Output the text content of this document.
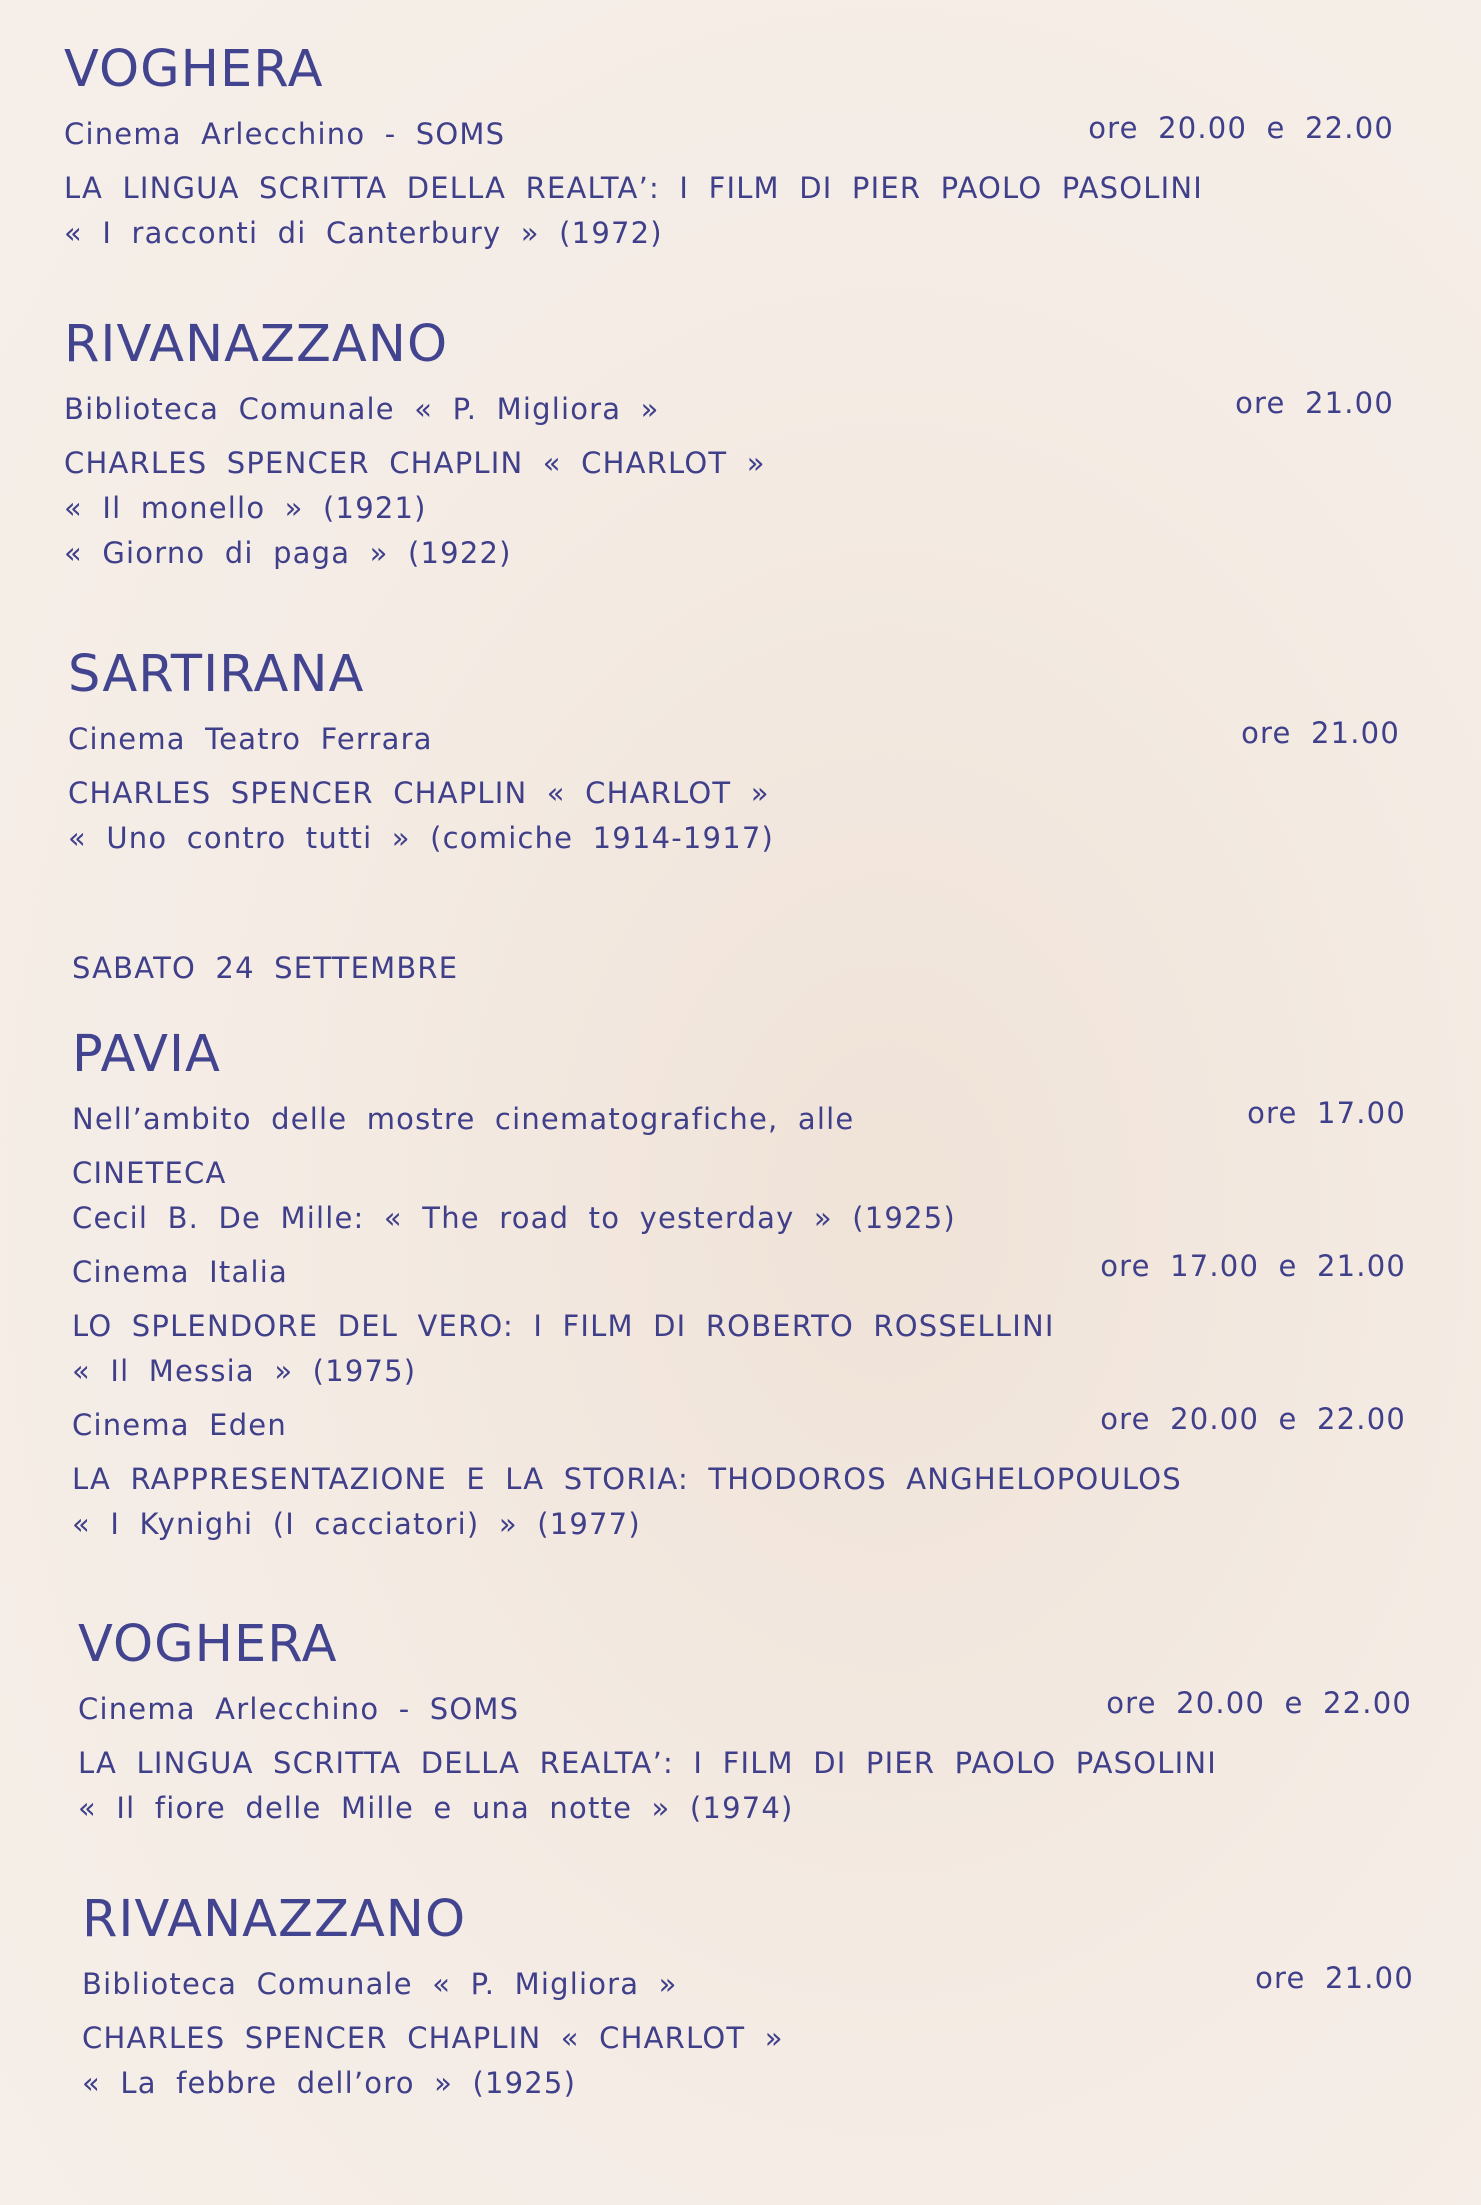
VOGHERA
Cinema Arlecchino - SOMS	ore 20.00 e 22.00
LA LINGUA SCRITTA DELLA REALTA’: I FILM DI PIER PAOLO PASOLINI
« I racconti di Canterbury » (1972)
RIVANAZZANO
Biblioteca Comunale « P. Migliora »	ore 21.00
CHARLES SPENCER CHAPLIN « CHARLOT »
« Il monello » (1921)
« Giorno di paga » (1922)
SARTIRANA
Cinema Teatro Ferrara	ore 21.00
CHARLES SPENCER CHAPLIN « CHARLOT »
« Uno contro tutti » (comiche 1914-1917)
SABATO 24 SETTEMBRE
PAVIA
Nell’ambito delle mostre cinematografiche, alle	ore 17.00
CINETECA
Cecil B. De Mille: « The road to yesterday » (1925)
Cinema Italia	ore 17.00 e 21.00
LO SPLENDORE DEL VERO: I FILM DI ROBERTO ROSSELLINI
« Il Messia » (1975)
Cinema Eden	ore 20.00 e 22.00
LA RAPPRESENTAZIONE E LA STORIA: THODOROS ANGHELOPOULOS
« I Kynighi (I cacciatori) » (1977)
VOGHERA
Cinema Arlecchino - SOMS	ore 20.00 e 22.00
LA LINGUA SCRITTA DELLA REALTA’: I FILM DI PIER PAOLO PASOLINI
« Il fiore delle Mille e una notte » (1974)
RIVANAZZANO
Biblioteca Comunale « P. Migliora »	ore 21.00
CHARLES SPENCER CHAPLIN « CHARLOT »
« La febbre dell’oro » (1925)
